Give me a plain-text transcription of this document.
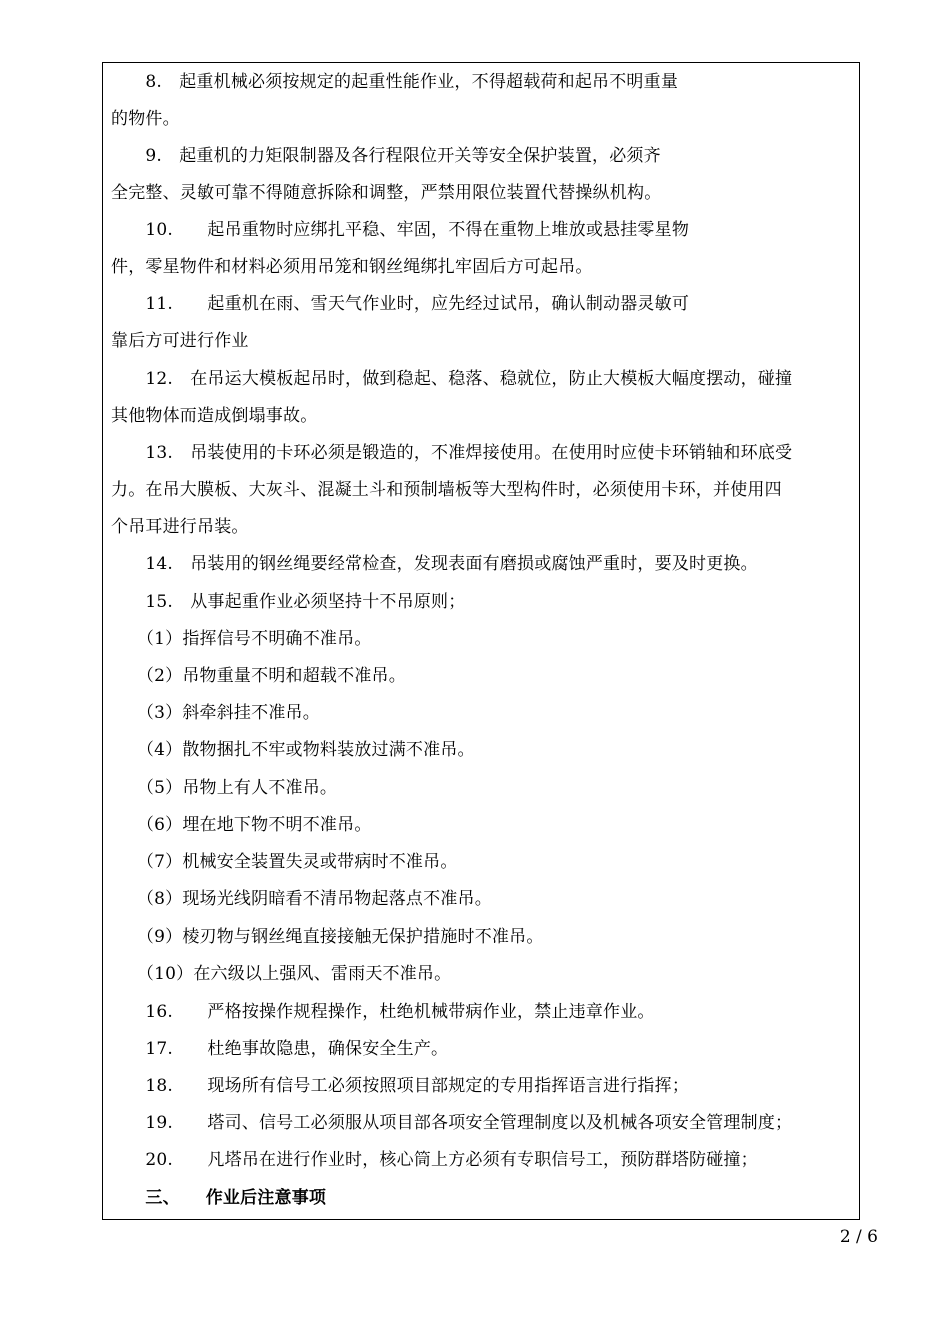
　　8.　起重机械必须按规定的起重性能作业，不得超载荷和起吊不明重量
的物件。
　　9.　起重机的力矩限制器及各行程限位开关等安全保护装置，必须齐
全完整、灵敏可靠不得随意拆除和调整，严禁用限位装置代替操纵机构。
　　10.　　起吊重物时应绑扎平稳、牢固，不得在重物上堆放或悬挂零星物
件，零星物件和材料必须用吊笼和钢丝绳绑扎牢固后方可起吊。
　　11.　　起重机在雨、雪天气作业时，应先经过试吊，确认制动器灵敏可
靠后方可进行作业
　　12.　在吊运大模板起吊时，做到稳起、稳落、稳就位，防止大模板大幅度摆动，碰撞
其他物体而造成倒塌事故。
　　13.　吊装使用的卡环必须是锻造的，不准焊接使用。在使用时应使卡环销轴和环底受
力。在吊大膜板、大灰斗、混凝土斗和预制墙板等大型构件时，必须使用卡环，并使用四
个吊耳进行吊装。
　　14.　吊装用的钢丝绳要经常检查，发现表面有磨损或腐蚀严重时，要及时更换。
　　15.　从事起重作业必须坚持十不吊原则；
　　（1）指挥信号不明确不准吊。
　　（2）吊物重量不明和超载不准吊。
　　（3）斜牵斜挂不准吊。
　　（4）散物捆扎不牢或物料装放过满不准吊。
　　（5）吊物上有人不准吊。
　　（6）埋在地下物不明不准吊。
　　（7）机械安全装置失灵或带病时不准吊。
　　（8）现场光线阴暗看不清吊物起落点不准吊。
　　（9）棱刃物与钢丝绳直接接触无保护措施时不准吊。
　　（10）在六级以上强风、雷雨天不准吊。
　　16.　　严格按操作规程操作，杜绝机械带病作业，禁止违章作业。
　　17.　　杜绝事故隐患，确保安全生产。
　　18.　　现场所有信号工必须按照项目部规定的专用指挥语言进行指挥；
　　19.　　塔司、信号工必须服从项目部各项安全管理制度以及机械各项安全管理制度；
　　20.　　凡塔吊在进行作业时，核心筒上方必须有专职信号工，预防群塔防碰撞；
　　三、　　作业后注意事项
2 / 6
